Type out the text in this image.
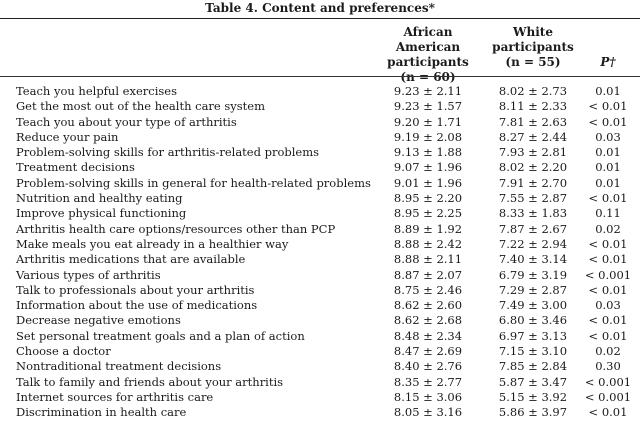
Table 4. Content and preferences*
African American
participants
(n = 60)
White
participants
(n = 55)	P†
Teach you helpful exercises	9.23 ± 2.11	8.02 ± 2.73	0.01
Get the most out of the health care system	9.23 ± 1.57	8.11 ± 2.33	< 0.01
Teach you about your type of arthritis	9.20 ± 1.71	7.81 ± 2.63	< 0.01
Reduce your pain	9.19 ± 2.08	8.27 ± 2.44	0.03
Problem-solving skills for arthritis-related problems	9.13 ± 1.88	7.93 ± 2.81	0.01
Treatment decisions	9.07 ± 1.96	8.02 ± 2.20	0.01
Problem-solving skills in general for health-related problems	9.01 ± 1.96	7.91 ± 2.70	0.01
Nutrition and healthy eating	8.95 ± 2.20	7.55 ± 2.87	< 0.01
Improve physical functioning	8.95 ± 2.25	8.33 ± 1.83	0.11
Arthritis health care options/resources other than PCP	8.89 ± 1.92	7.87 ± 2.67	0.02
Make meals you eat already in a healthier way	8.88 ± 2.42	7.22 ± 2.94	< 0.01
Arthritis medications that are available	8.88 ± 2.11	7.40 ± 3.14	< 0.01
Various types of arthritis	8.87 ± 2.07	6.79 ± 3.19	< 0.001
Talk to professionals about your arthritis	8.75 ± 2.46	7.29 ± 2.87	< 0.01
Information about the use of medications	8.62 ± 2.60	7.49 ± 3.00	0.03
Decrease negative emotions	8.62 ± 2.68	6.80 ± 3.46	< 0.01
Set personal treatment goals and a plan of action	8.48 ± 2.34	6.97 ± 3.13	< 0.01
Choose a doctor	8.47 ± 2.69	7.15 ± 3.10	0.02
Nontraditional treatment decisions	8.40 ± 2.76	7.85 ± 2.84	0.30
Talk to family and friends about your arthritis	8.35 ± 2.77	5.87 ± 3.47	< 0.001
Internet sources for arthritis care	8.15 ± 3.06	5.15 ± 3.92	< 0.001
Discrimination in health care	8.05 ± 3.16	5.86 ± 3.97	< 0.01
